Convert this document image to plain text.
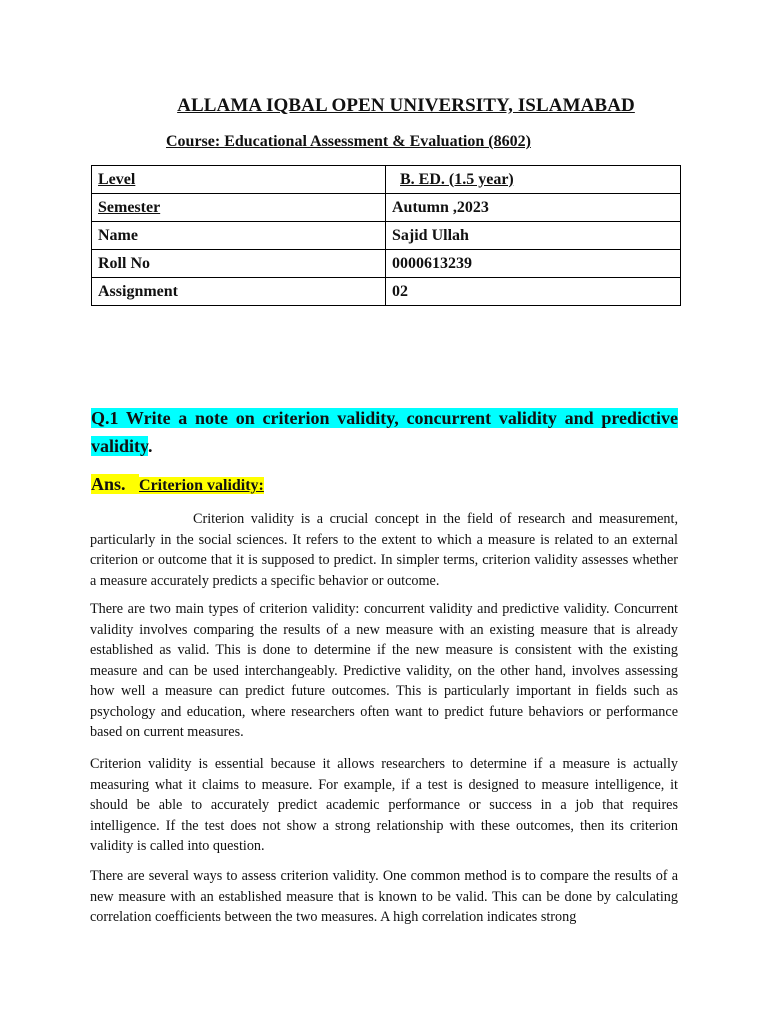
ALLAMA IQBAL OPEN UNIVERSITY, ISLAMABAD
Course: Educational Assessment & Evaluation (8602)
Level	B. ED. (1.5 year)
Semester	Autumn ,2023
Name	Sajid Ullah
Roll No	0000613239
Assignment	02
Q.1 Write a note on criterion validity, concurrent validity and predictive validity.
Ans. Criterion validity:
Criterion validity is a crucial concept in the field of research and measurement, particularly in the social sciences. It refers to the extent to which a measure is related to an external criterion or outcome that it is supposed to predict. In simpler terms, criterion validity assesses whether a measure accurately predicts a specific behavior or outcome.
There are two main types of criterion validity: concurrent validity and predictive validity. Concurrent validity involves comparing the results of a new measure with an existing measure that is already established as valid. This is done to determine if the new measure is consistent with the existing measure and can be used interchangeably. Predictive validity, on the other hand, involves assessing how well a measure can predict future outcomes. This is particularly important in fields such as psychology and education, where researchers often want to predict future behaviors or performance based on current measures.
Criterion validity is essential because it allows researchers to determine if a measure is actually measuring what it claims to measure. For example, if a test is designed to measure intelligence, it should be able to accurately predict academic performance or success in a job that requires intelligence. If the test does not show a strong relationship with these outcomes, then its criterion validity is called into question.
There are several ways to assess criterion validity. One common method is to compare the results of a new measure with an established measure that is known to be valid. This can be done by calculating correlation coefficients between the two measures. A high correlation indicates strong
